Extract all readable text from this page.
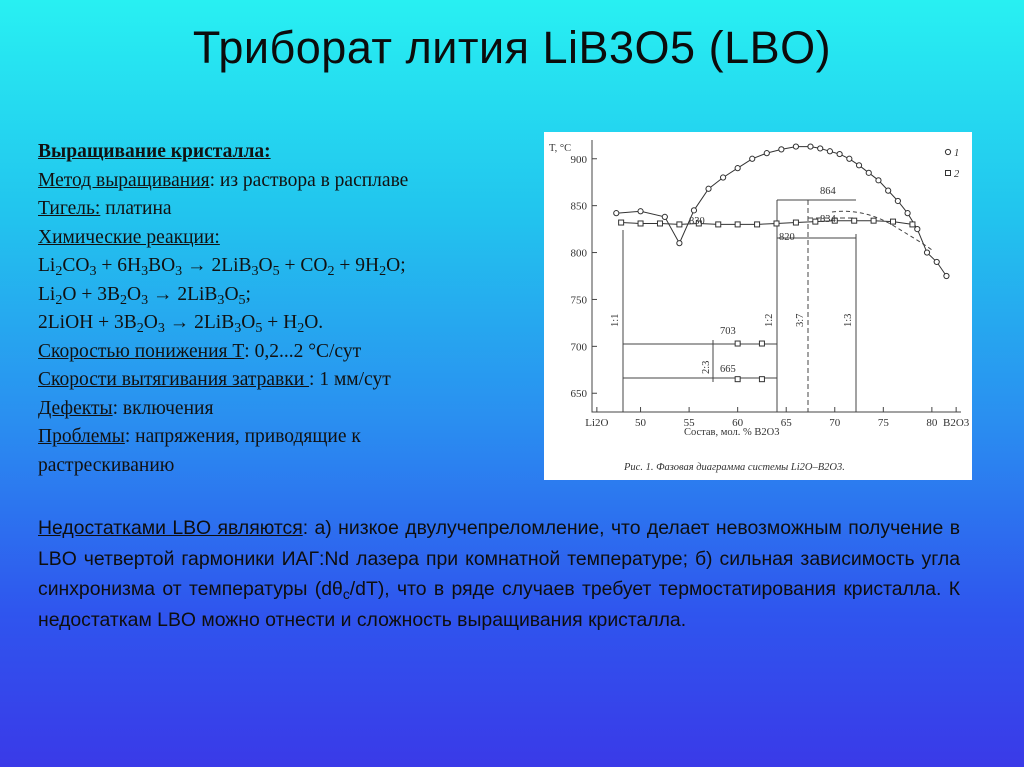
Триборат лития LiB3O5 (LBO)
Выращивание кристалла:
Метод выращивания: из раствора в расплаве
Тигель: платина
Химические реакции:
$Li_2CO_3 + 6H_3BO_3 \to 2LiB_3O_5 + CO_2 + 9H_2O$;
$Li_2O + 3B_2O_3 \to 2LiB_3O_5$;
2LiOH + $3B_2O_3 \to 2LiB_3O_5 + H_2O$.
Скоростью понижения Т: 0,2...2 °С/сут
Скорости вытягивания затравки : 1 мм/сут
Дефекты: включения
Проблемы: напряжения, приводящие к растрескиванию
Li2O 50	55	60	65	70	75	80 B2O3
650
700
750
800
850
900
T, °C
Состав, мол. % B2O3
Рис. 1. Фазовая диаграмма системы Li2O–B2O3.
1
2
830
820
864
834
703
665
1:1	1:2 3:7	1:3
2:3
Недостатками LBO являются: а) низкое двулучепреломление, что делает невозможным получение в LBO четвертой гармоники ИАГ:Nd лазера при комнатной температуре; б) сильная зависимость угла синхронизма от температуры $(d\theta_c/dT)$, что в ряде случаев требует термостатирования кристалла. К недостаткам LBO можно отнести и сложность выращивания кристалла.
